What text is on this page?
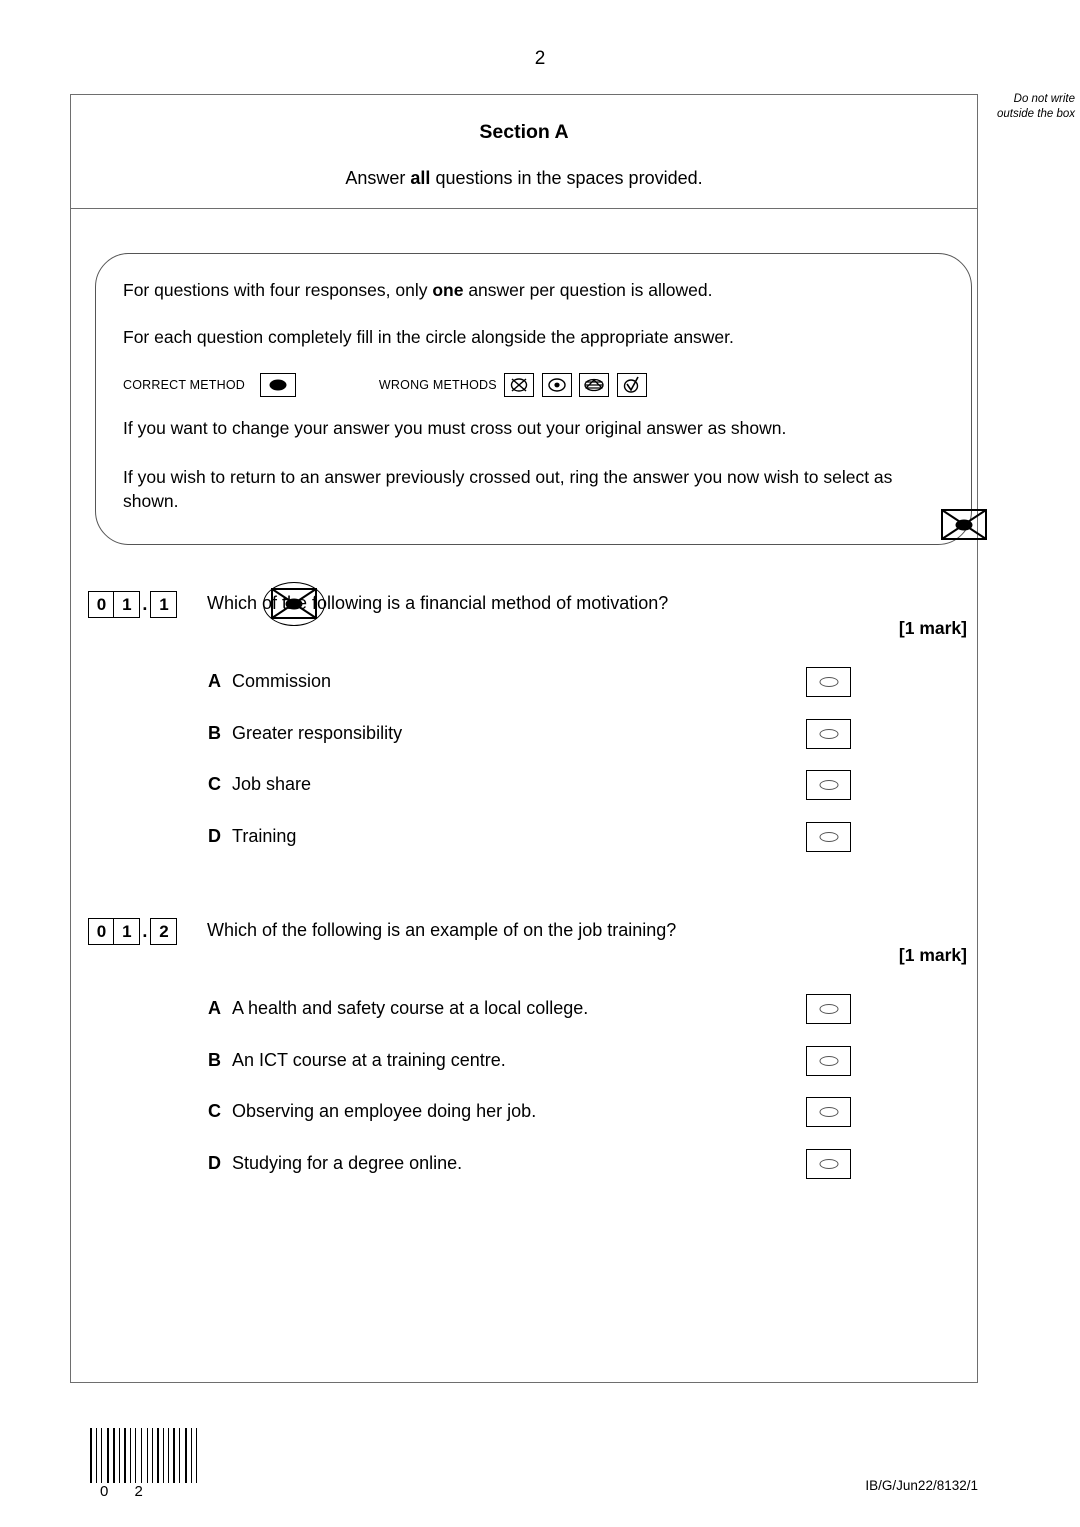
2
Do not write outside the box
Section A
Answer all questions in the spaces provided.
For questions with four responses, only one answer per question is allowed.
For each question completely fill in the circle alongside the appropriate answer.
CORRECT METHOD	WRONG METHODS

If you want to change your answer you must cross out your original answer as shown.
If you wish to return to an answer previously crossed out, ring the answer you now wish to select as shown.
0 1 . 1	Which of the following is a financial method of motivation?
[1 mark]
A Commission
B Greater responsibility
C Job share
D Training
0 1 . 2	Which of the following is an example of on the job training?
[1 mark]
A A health and safety course at a local college.
B An ICT course at a training centre.
C Observing an employee doing her job.
D Studying for a degree online.
0 2	IB/G/Jun22/8132/1
